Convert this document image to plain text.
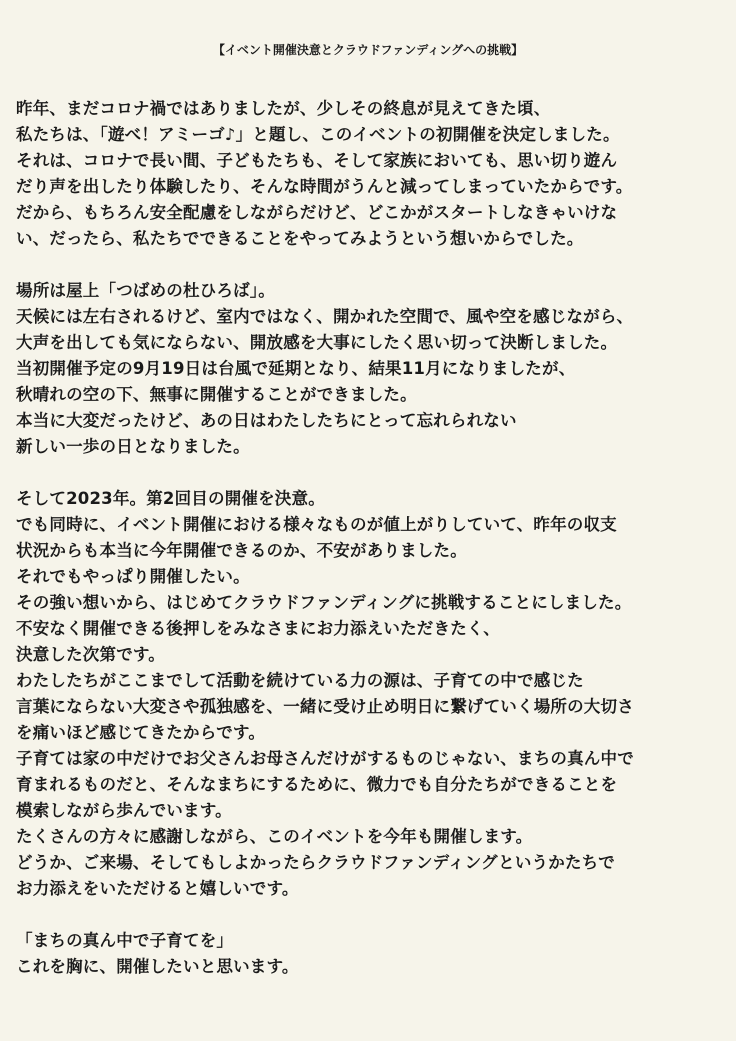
【イベント開催決意とクラウドファンディングへの挑戦】
昨年、まだコロナ禍ではありましたが、少しその終息が見えてきた頃、
私たちは、「遊べ！アミーゴ♪」と題し、このイベントの初開催を決定しました。
それは、コロナで長い間、子どもたちも、そして家族においても、思い切り遊ん
だり声を出したり体験したり、そんな時間がうんと減ってしまっていたからです。
だから、もちろん安全配慮をしながらだけど、どこかがスタートしなきゃいけな
い、だったら、私たちでできることをやってみようという想いからでした。
場所は屋上「つばめの杜ひろば」。
天候には左右されるけど、室内ではなく、開かれた空間で、風や空を感じながら、
大声を出しても気にならない、開放感を大事にしたく思い切って決断しました。
当初開催予定の9月19日は台風で延期となり、結果11月になりましたが、
秋晴れの空の下、無事に開催することができました。
本当に大変だったけど、あの日はわたしたちにとって忘れられない
新しい一歩の日となりました。
そして2023年。第2回目の開催を決意。
でも同時に、イベント開催における様々なものが値上がりしていて、昨年の収支
状況からも本当に今年開催できるのか、不安がありました。
それでもやっぱり開催したい。
その強い想いから、はじめてクラウドファンディングに挑戦することにしました。
不安なく開催できる後押しをみなさまにお力添えいただきたく、
決意した次第です。
わたしたちがここまでして活動を続けている力の源は、子育ての中で感じた
言葉にならない大変さや孤独感を、一緒に受け止め明日に繋げていく場所の大切さ
を痛いほど感じてきたからです。
子育ては家の中だけでお父さんお母さんだけがするものじゃない、まちの真ん中で
育まれるものだと、そんなまちにするために、微力でも自分たちができることを
模索しながら歩んでいます。
たくさんの方々に感謝しながら、このイベントを今年も開催します。
どうか、ご来場、そしてもしよかったらクラウドファンディングというかたちで
お力添えをいただけると嬉しいです。
「まちの真ん中で子育てを」
これを胸に、開催したいと思います。
